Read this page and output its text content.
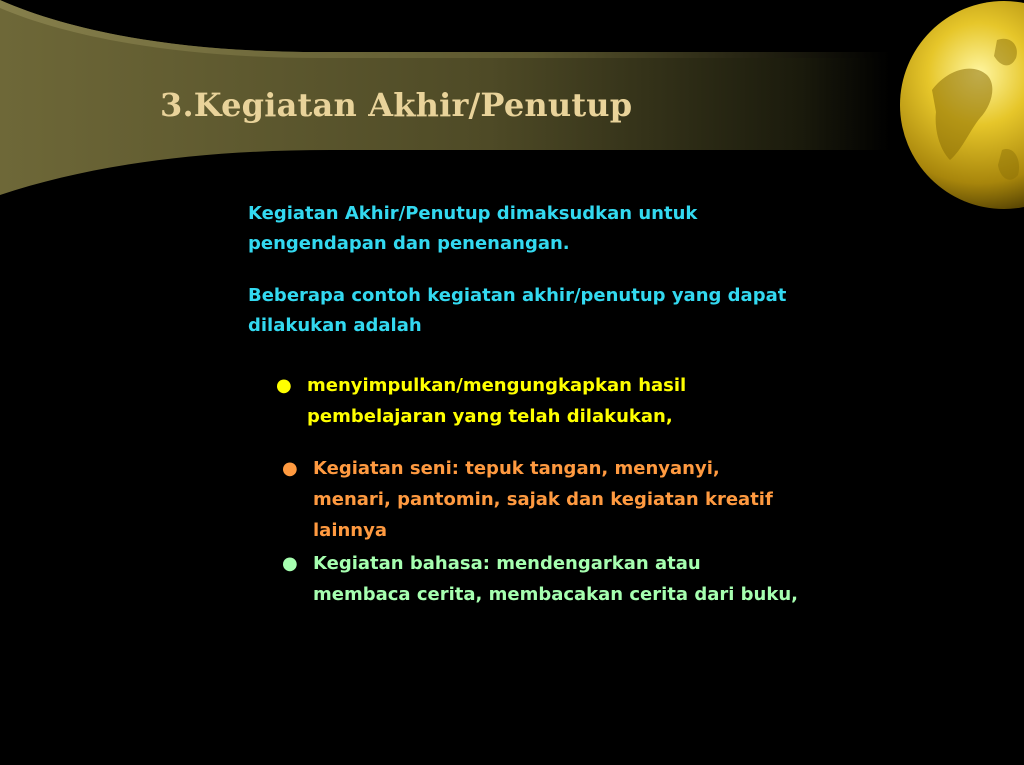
3.Kegiatan Akhir/Penutup

Kegiatan Akhir/Penutup dimaksudkan untuk pengendapan dan penenangan.

Beberapa contoh kegiatan akhir/penutup yang dapat dilakukan adalah

● menyimpulkan/mengungkapkan hasil pembelajaran yang telah dilakukan,
● Kegiatan seni: tepuk tangan, menyanyi, menari, pantomin, sajak dan kegiatan kreatif lainnya
● Kegiatan bahasa: mendengarkan atau membaca cerita, membacakan cerita dari buku,
